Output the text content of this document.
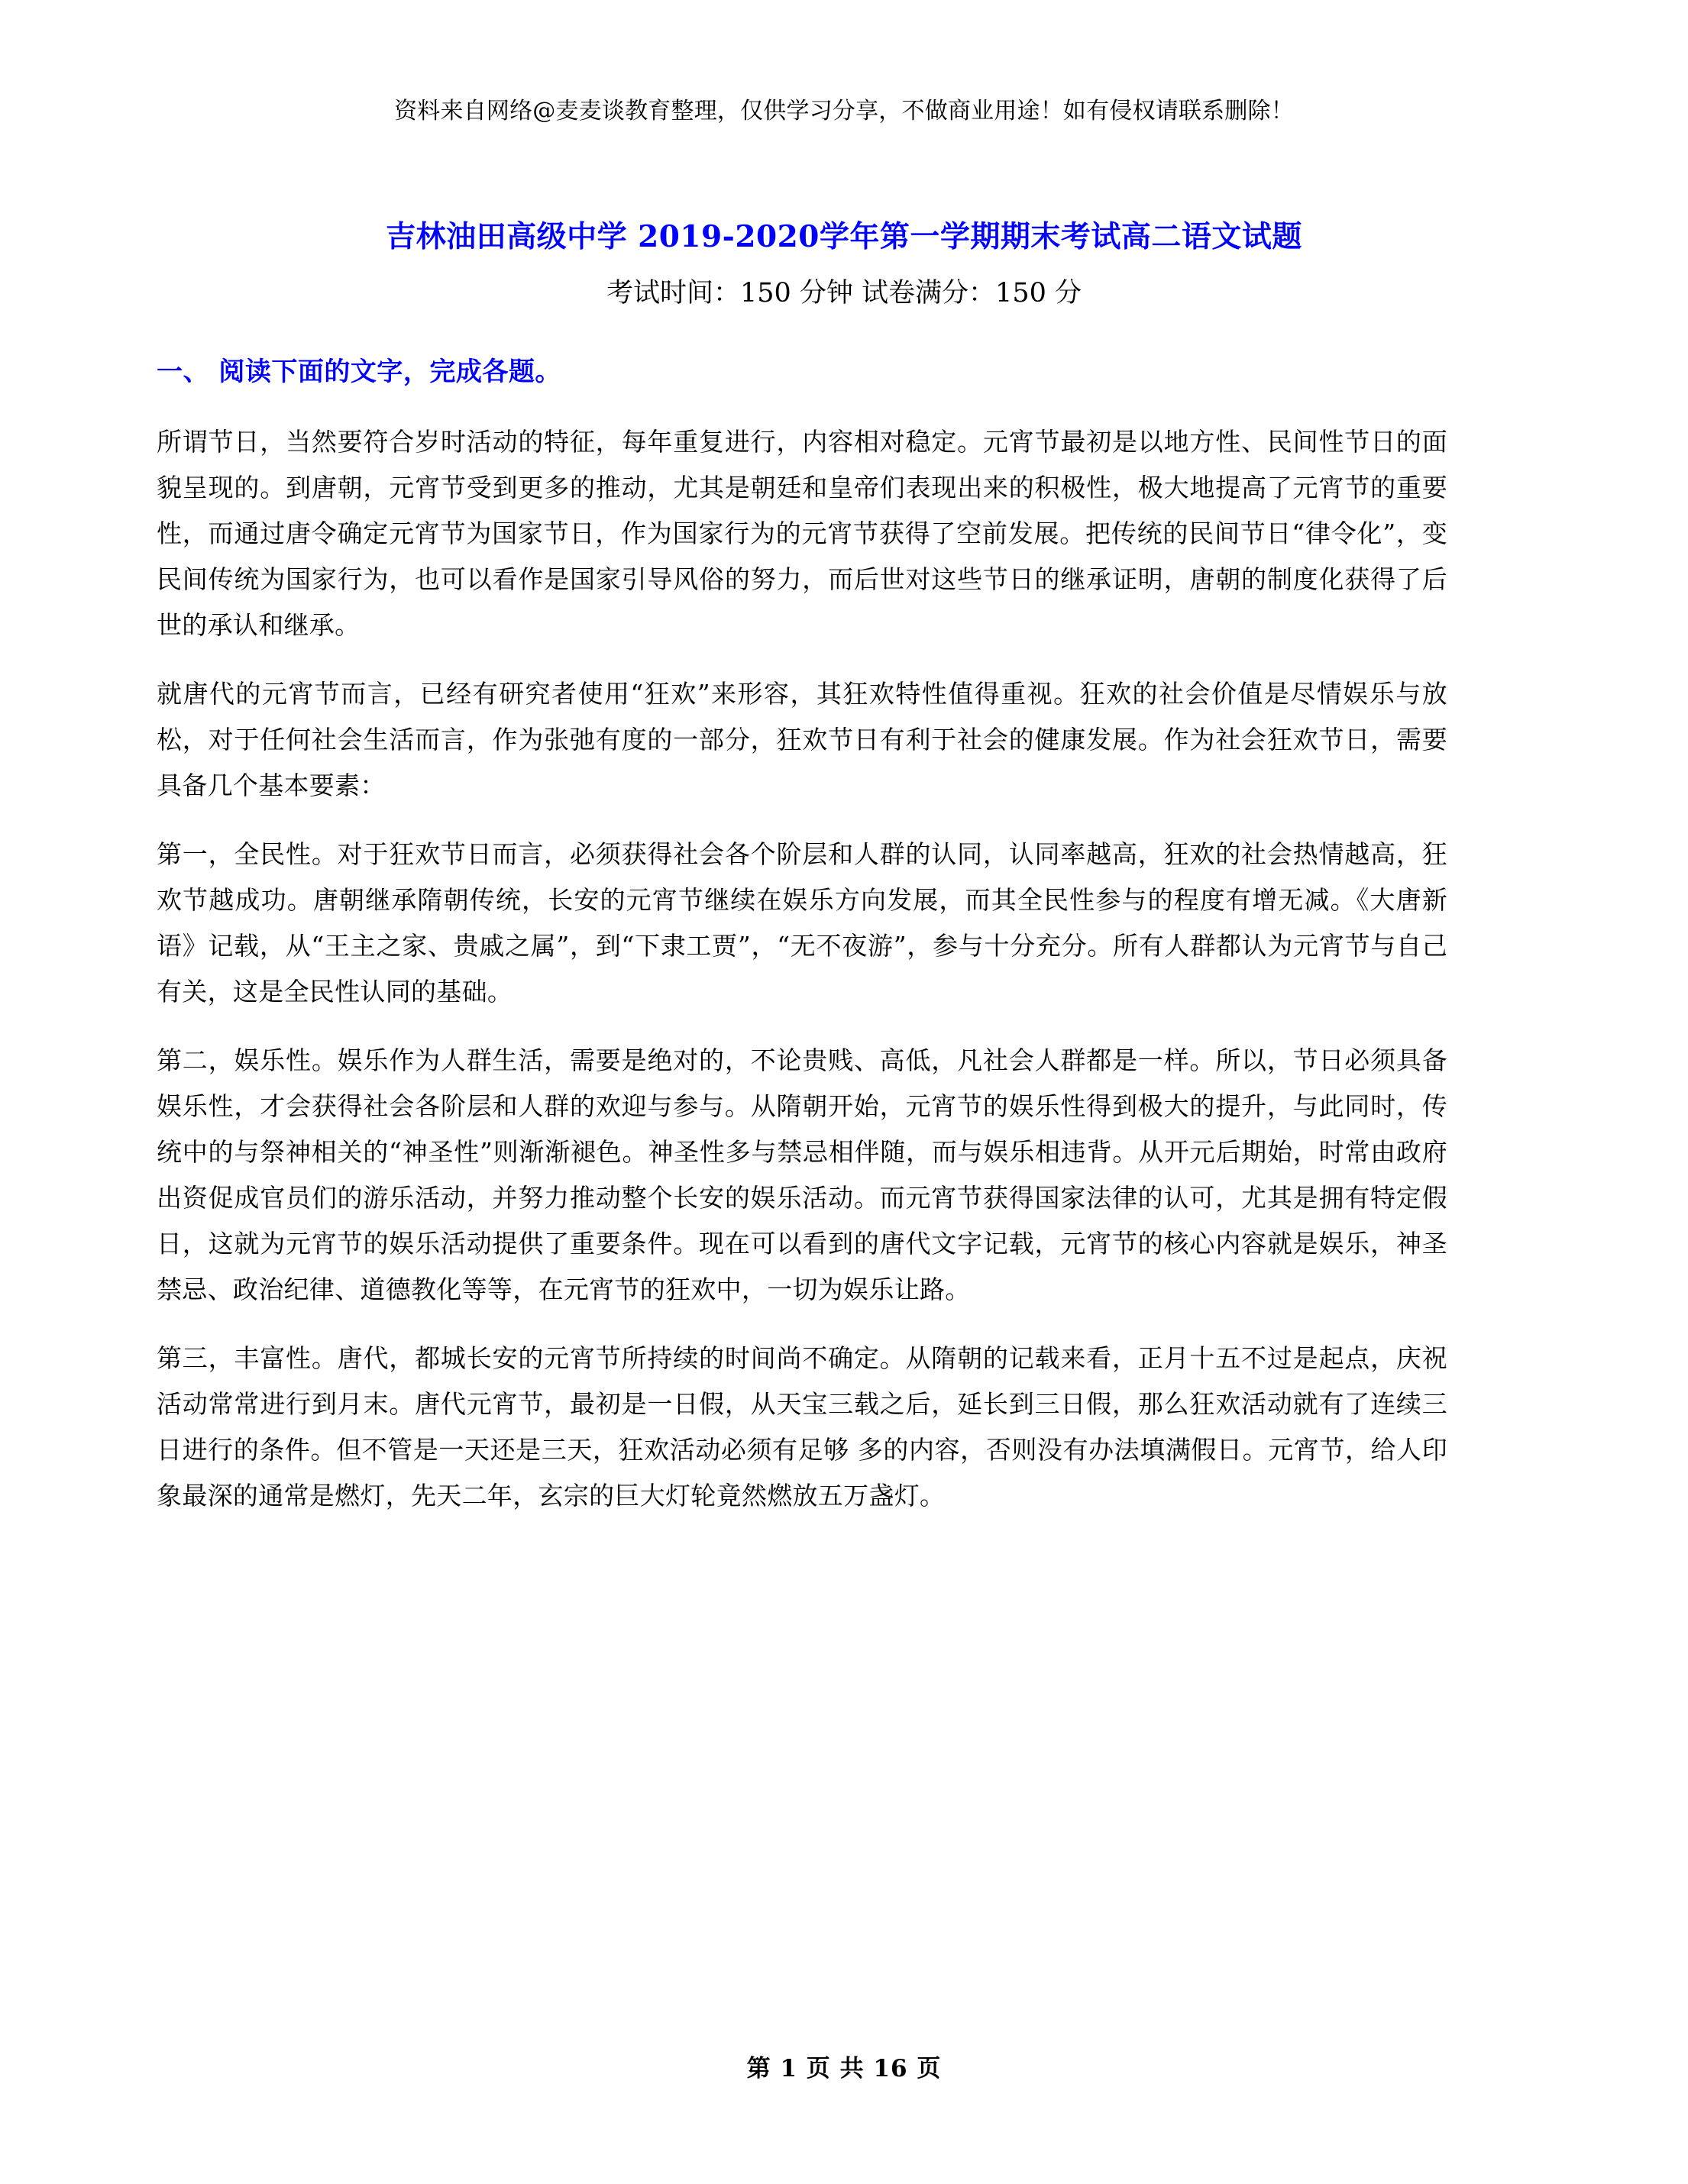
资料来自网络@麦麦谈教育整理，仅供学习分享，不做商业用途！如有侵权请联系删除！
吉林油田高级中学 2019-2020学年第一学期期末考试高二语文试题
考试时间：150 分钟 试卷满分：150 分
一、 阅读下面的文字，完成各题。

所谓节日，当然要符合岁时活动的特征，每年重复进行，内容相对稳定。元宵节最初是以地方性、民间性节日的面貌呈现的。到唐朝，元宵节受到更多的推动，尤其是朝廷和皇帝们表现出来的积极性，极大地提高了元宵节的重要性，而通过唐令确定元宵节为国家节日，作为国家行为的元宵节获得了空前发展。把传统的民间节日“律令化”，变民间传统为国家行为，也可以看作是国家引导风俗的努力，而后世对这些节日的继承证明，唐朝的制度化获得了后世的承认和继承。

就唐代的元宵节而言，已经有研究者使用“狂欢”来形容，其狂欢特性值得重视。狂欢的社会价值是尽情娱乐与放松，对于任何社会生活而言，作为张弛有度的一部分，狂欢节日有利于社会的健康发展。作为社会狂欢节日，需要具备几个基本要素：

第一，全民性。对于狂欢节日而言，必须获得社会各个阶层和人群的认同，认同率越高，狂欢的社会热情越高，狂欢节越成功。唐朝继承隋朝传统，长安的元宵节继续在娱乐方向发展，而其全民性参与的程度有增无减。《大唐新语》记载，从“王主之家、贵戚之属”，到“下隶工贾”，“无不夜游”，参与十分充分。所有人群都认为元宵节与自己有关，这是全民性认同的基础。

第二，娱乐性。娱乐作为人群生活，需要是绝对的，不论贵贱、高低，凡社会人群都是一样。所以，节日必须具备娱乐性，才会获得社会各阶层和人群的欢迎与参与。从隋朝开始，元宵节的娱乐性得到极大的提升，与此同时，传统中的与祭神相关的“神圣性”则渐渐褪色。神圣性多与禁忌相伴随，而与娱乐相违背。从开元后期始，时常由政府出资促成官员们的游乐活动，并努力推动整个长安的娱乐活动。而元宵节获得国家法律的认可，尤其是拥有特定假日，这就为元宵节的娱乐活动提供了重要条件。现在可以看到的唐代文字记载，元宵节的核心内容就是娱乐，神圣禁忌、政治纪律、道德教化等等，在元宵节的狂欢中，一切为娱乐让路。

第三，丰富性。唐代，都城长安的元宵节所持续的时间尚不确定。从隋朝的记载来看，正月十五不过是起点，庆祝活动常常进行到月末。唐代元宵节，最初是一日假，从天宝三载之后，延长到三日假，那么狂欢活动就有了连续三日进行的条件。但不管是一天还是三天，狂欢活动必须有足够 多的内容，否则没有办法填满假日。元宵节，给人印象最深的通常是燃灯，先天二年，玄宗的巨大灯轮竟然燃放五万盏灯。

第 1 页 共 16 页
